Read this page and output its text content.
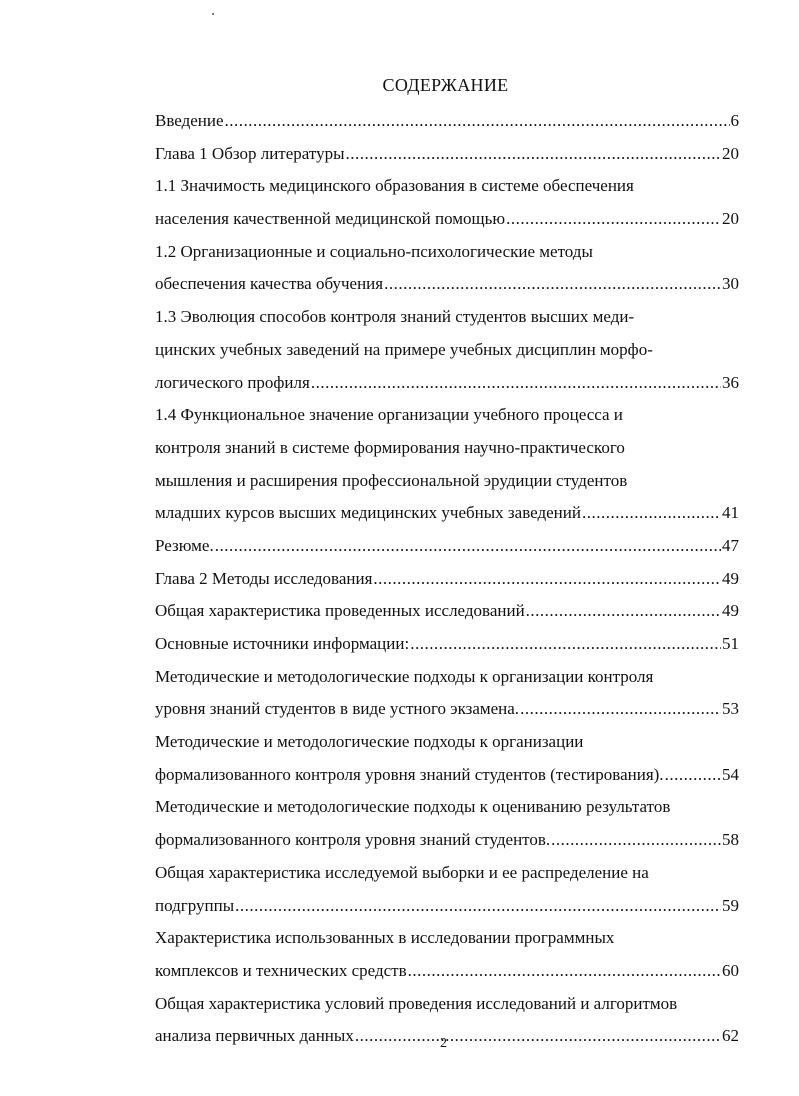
СОДЕРЖАНИЕ
Введение .....	6
Глава 1 Обзор литературы .....	20
1.1 Значимость медицинского образования в системе обеспечения
населения качественной медицинской помощью .....	20
1.2 Организационные и социально-психологические методы
обеспечения качества обучения .....	30
1.3 Эволюция способов контроля знаний студентов высших меди-
цинских учебных заведений на примере учебных дисциплин морфо-
логического профиля .....	36
1.4 Функциональное значение организации учебного процесса и
контроля знаний в системе формирования научно-практического
мышления и расширения профессиональной эрудиции студентов
младших курсов высших медицинских учебных заведений .....	41
Резюме. .....	47
Глава 2 Методы исследования .....	49
Общая характеристика проведенных исследований .....	49
Основные источники информации: .....	51
Методические и методологические подходы к организации контроля
уровня знаний студентов в виде устного экзамена. .....	53
Методические и методологические подходы к организации
формализованного контроля уровня знаний студентов (тестирования). .....	54
Методические и методологические подходы к оцениванию результатов
формализованного контроля уровня знаний студентов. .....	58
Общая характеристика исследуемой выборки и ее распределение на
подгруппы .....	59
Характеристика использованных в исследовании программных
комплексов и технических средств .....	60
Общая характеристика условий проведения исследований и алгоритмов
анализа первичных данных .....	62
2
